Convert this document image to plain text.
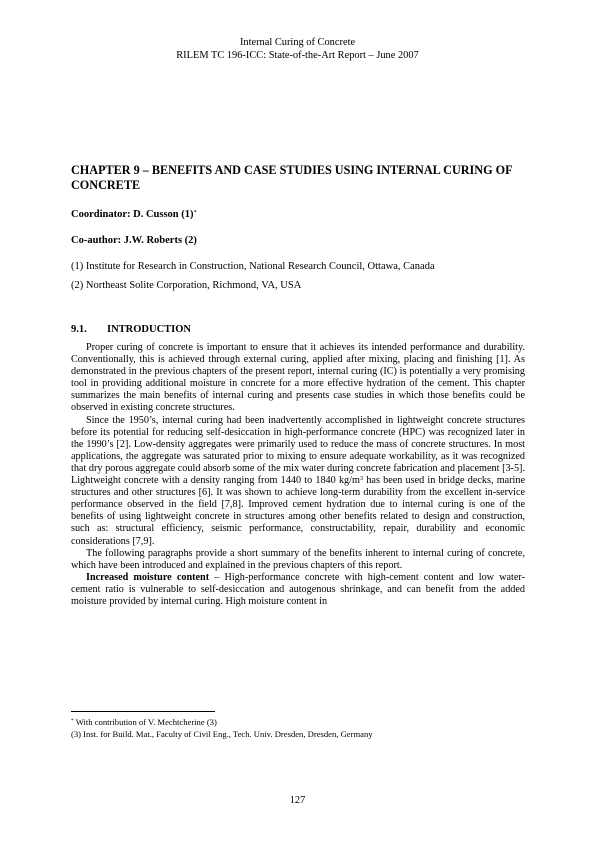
Internal Curing of Concrete
RILEM TC 196-ICC: State-of-the-Art Report – June 2007
CHAPTER 9 – BENEFITS AND CASE STUDIES USING INTERNAL CURING OF CONCRETE
Coordinator: D. Cusson (1)*
Co-author: J.W. Roberts (2)
(1) Institute for Research in Construction, National Research Council, Ottawa, Canada
(2) Northeast Solite Corporation, Richmond, VA, USA
9.1. INTRODUCTION

Proper curing of concrete is important to ensure that it achieves its intended performance and durability. Conventionally, this is achieved through external curing, applied after mixing, placing and finishing [1]. As demonstrated in the previous chapters of the present report, internal curing (IC) is potentially a very promising tool in providing additional moisture in concrete for a more effective hydration of the cement. This chapter summarizes the main benefits of internal curing and presents case studies in which those benefits could be observed in existing concrete structures.

Since the 1950’s, internal curing had been inadvertently accomplished in lightweight concrete structures before its potential for reducing self-desiccation in high-performance concrete (HPC) was recognized later in the 1990’s [2]. Low-density aggregates were primarily used to reduce the mass of concrete structures. In most applications, the aggregate was saturated prior to mixing to ensure adequate workability, as it was recognized that dry porous aggregate could absorb some of the mix water during concrete fabrication and placement [3-5]. Lightweight concrete with a density ranging from 1440 to 1840 $kg/m^3$ has been used in bridge decks, marine structures and other structures [6]. It was shown to achieve long-term durability from the excellent in-service performance observed in the field [7,8]. Improved cement hydration due to internal curing is one of the benefits of using lightweight concrete in structures among other benefits related to design and construction, such as: structural efficiency, seismic performance, constructability, repair, durability and economic considerations [7,9].

The following paragraphs provide a short summary of the benefits inherent to internal curing of concrete, which have been introduced and explained in the previous chapters of this report.

Increased moisture content – High-performance concrete with high-cement content and low water-cement ratio is vulnerable to self-desiccation and autogenous shrinkage, and can benefit from the added moisture provided by internal curing. High moisture content in

* With contribution of V. Mechtcherine (3)
(3) Inst. for Build. Mat., Faculty of Civil Eng., Tech. Univ. Dresden, Dresden, Germany
127
